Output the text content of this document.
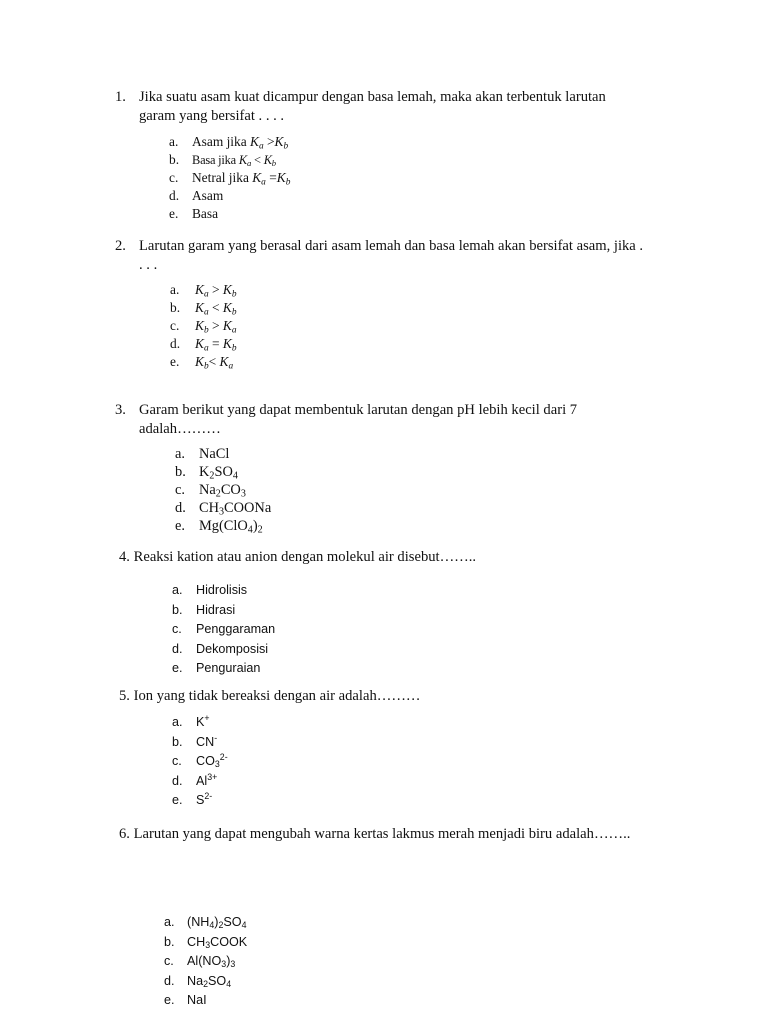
1. Jika suatu asam kuat dicampur dengan basa lemah, maka akan terbentuk larutan
garam yang bersifat . . . .
a. Asam jika $K_a >K_b$
b. Basa jika $K_a < K_b$
c. Netral jika $K_a =K_b$
d. Asam
e. Basa
2. Larutan garam yang berasal dari asam lemah dan basa lemah akan bersifat asam, jika .
. . .
a. $K_a > K_b$
b. $K_a < K_b$
c. $K_b > K_a$
d. $K_a = K_b$
e. $K_b< K_a$
3. Garam berikut yang dapat membentuk larutan dengan pH lebih kecil dari 7
adalah………
a. NaCl
b. $K_2SO_4$
c. $Na_2CO_3$
d. $CH_3COONa$
e. $Mg(ClO_4)_2$
4. Reaksi kation atau anion dengan molekul air disebut……..
a. Hidrolisis
b. Hidrasi
c. Penggaraman
d. Dekomposisi
e. Penguraian
5. Ion yang tidak bereaksi dengan air adalah………
a. K+
b. CN-
c. $CO_3^{2-}$
d. $Al^{3+}$
e. $S^{2-}$
6. Larutan yang dapat mengubah warna kertas lakmus merah menjadi biru adalah……..
a. $(NH_4)_2SO_4$
b. $CH_3COOK$
c. $Al(NO_3)_3$
d. $Na_2SO_4$
e. NaI
